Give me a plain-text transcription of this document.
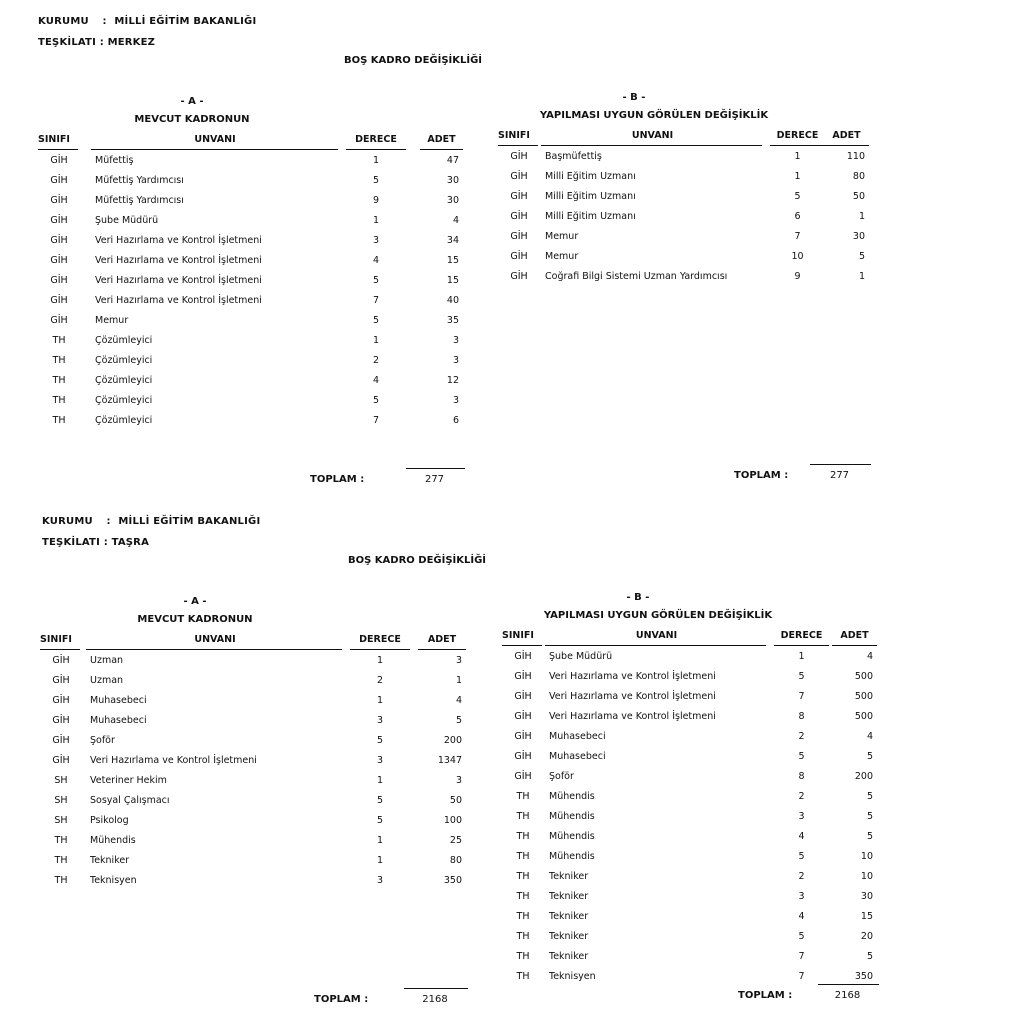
KURUMU : MİLLİ EĞİTİM BAKANLIĞI
TEŞKİLATI : MERKEZ
BOŞ KADRO DEĞİŞİKLİĞİ
- A -
MEVCUT KADRONUN
SINIFI	UNVANI	DERECE	ADET
GİH	Müfettiş	1	47
GİH	Müfettiş Yardımcısı	5	30
GİH	Müfettiş Yardımcısı	9	30
GİH	Şube Müdürü	1	4
GİH	Veri Hazırlama ve Kontrol İşletmeni	3	34
GİH	Veri Hazırlama ve Kontrol İşletmeni	4	15
GİH	Veri Hazırlama ve Kontrol İşletmeni	5	15
GİH	Veri Hazırlama ve Kontrol İşletmeni	7	40
GİH	Memur	5	35
TH	Çözümleyici	1	3
TH	Çözümleyici	2	3
TH	Çözümleyici	4	12
TH	Çözümleyici	5	3
TH	Çözümleyici	7	6
TOPLAM :	277
- B -
YAPILMASI UYGUN GÖRÜLEN DEĞİŞİKLİK
SINIFI	UNVANI	DERECE	ADET
GİH	Başmüfettiş	1	110
GİH	Milli Eğitim Uzmanı	1	80
GİH	Milli Eğitim Uzmanı	5	50
GİH	Milli Eğitim Uzmanı	6	1
GİH	Memur	7	30
GİH	Memur	10	5
GİH	Coğrafi Bilgi Sistemi Uzman Yardımcısı	9	1
TOPLAM :	277
KURUMU : MİLLİ EĞİTİM BAKANLIĞI
TEŞKİLATI : TAŞRA
BOŞ KADRO DEĞİŞİKLİĞİ
- A -
MEVCUT KADRONUN
SINIFI	UNVANI	DERECE	ADET
GİH	Uzman	1	3
GİH	Uzman	2	1
GİH	Muhasebeci	1	4
GİH	Muhasebeci	3	5
GİH	Şoför	5	200
GİH	Veri Hazırlama ve Kontrol İşletmeni	3	1347
SH	Veteriner Hekim	1	3
SH	Sosyal Çalışmacı	5	50
SH	Psikolog	5	100
TH	Mühendis	1	25
TH	Tekniker	1	80
TH	Teknisyen	3	350
TOPLAM :	2168
- B -
YAPILMASI UYGUN GÖRÜLEN DEĞİŞİKLİK
SINIFI	UNVANI	DERECE	ADET
GİH	Şube Müdürü	1	4
GİH	Veri Hazırlama ve Kontrol İşletmeni	5	500
GİH	Veri Hazırlama ve Kontrol İşletmeni	7	500
GİH	Veri Hazırlama ve Kontrol İşletmeni	8	500
GİH	Muhasebeci	2	4
GİH	Muhasebeci	5	5
GİH	Şoför	8	200
TH	Mühendis	2	5
TH	Mühendis	3	5
TH	Mühendis	4	5
TH	Mühendis	5	10
TH	Tekniker	2	10
TH	Tekniker	3	30
TH	Tekniker	4	15
TH	Tekniker	5	20
TH	Tekniker	7	5
TH	Teknisyen	7	350
TOPLAM :	2168
